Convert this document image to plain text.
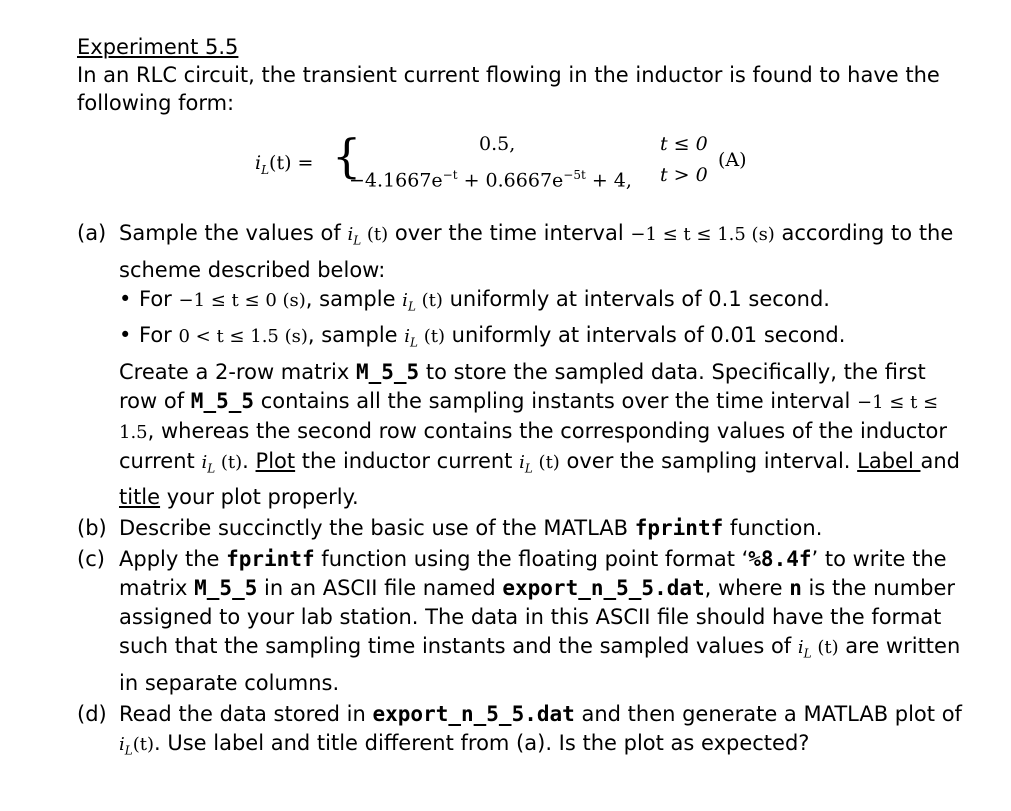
Experiment 5.5

In an RLC circuit, the transient current flowing in the inductor is found to have the following form:

$i_L(t)$ = {	0.5,	t ≤ 0
$-4.1667e^{-t} + 0.6667e^{-5t} + 4$, t > 0
(A)
(a) Sample the values of $i_L$ (t) over the time interval −1 ≤ t ≤ 1.5 (s) according to the scheme described below:
• For −1 ≤ t ≤ 0 (s), sample $i_L$ (t) uniformly at intervals of 0.1 second.
• For 0 < t ≤ 1.5 (s), sample $i_L$ (t) uniformly at intervals of 0.01 second.
Create a 2-row matrix M_5_5 to store the sampled data. Specifically, the first row of M_5_5 contains all the sampling instants over the time interval −1 ≤ t ≤ 1.5, whereas the second row contains the corresponding values of the inductor current $i_L$ (t). Plot the inductor current $i_L$ (t) over the sampling interval. Label and title your plot properly.
(b) Describe succinctly the basic use of the MATLAB fprintf function.
(c) Apply the fprintf function using the floating point format ‘%8.4f’ to write the matrix M_5_5 in an ASCII file named export_n_5_5.dat, where n is the number assigned to your lab station. The data in this ASCII file should have the format such that the sampling time instants and the sampled values of $i_L$ (t) are written in separate columns.
(d) Read the data stored in export_n_5_5.dat and then generate a MATLAB plot of $i_L(t)$. Use label and title different from (a). Is the plot as expected?
